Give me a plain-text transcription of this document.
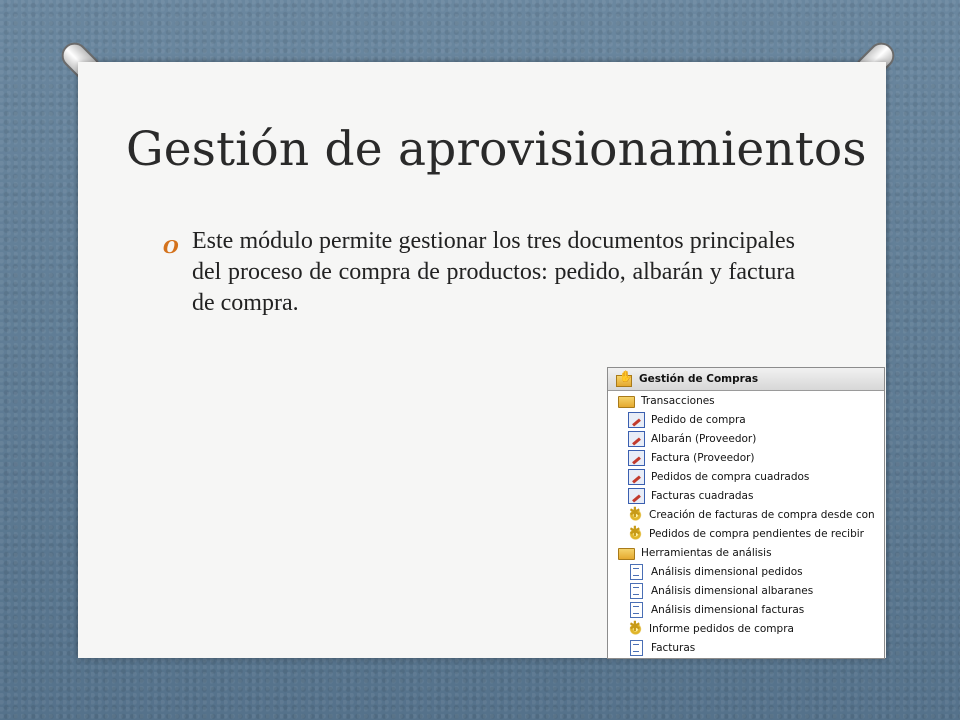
Gestión de aprovisionamientos
O Este módulo permite gestionar los tres documentos principales del proceso de compra de productos: pedido, albarán y factura de compra.

✋
Gestión de Compras
Transacciones
Pedido de compra
Albarán (Proveedor)
Factura (Proveedor)
Pedidos de compra cuadrados
Facturas cuadradas
✱
Creación de facturas de compra desde con
✱
Pedidos de compra pendientes de recibir
Herramientas de análisis
Análisis dimensional pedidos
Análisis dimensional albaranes
Análisis dimensional facturas
✱
Informe pedidos de compra
Facturas
